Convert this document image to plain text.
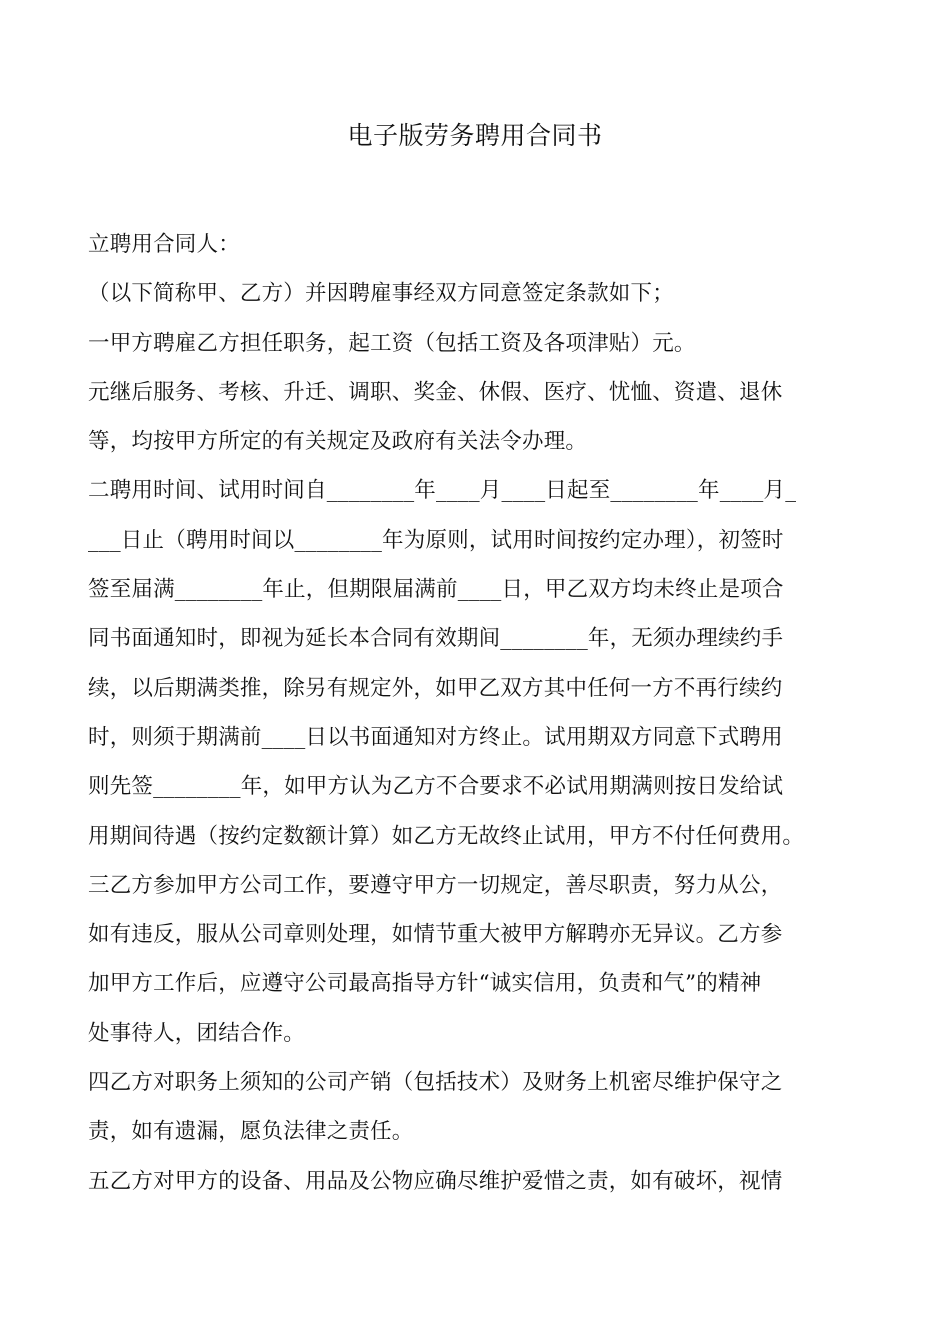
电子版劳务聘用合同书
立聘用合同人：
（以下简称甲、乙方）并因聘雇事经双方同意签定条款如下；
一甲方聘雇乙方担任职务，起工资（包括工资及各项津贴）元。
元继后服务、考核、升迁、调职、奖金、休假、医疗、忧恤、资遣、退休
等，均按甲方所定的有关规定及政府有关法令办理。
二聘用时间、试用时间自________年____月____日起至________年____月_
___日止（聘用时间以________年为原则，试用时间按约定办理），初签时
签至届满________年止，但期限届满前____日，甲乙双方均未终止是项合
同书面通知时，即视为延长本合同有效期间________年，无须办理续约手
续，以后期满类推，除另有规定外，如甲乙双方其中任何一方不再行续约
时，则须于期满前____日以书面通知对方终止。试用期双方同意下式聘用
则先签________年，如甲方认为乙方不合要求不必试用期满则按日发给试
用期间待遇（按约定数额计算）如乙方无故终止试用，甲方不付任何费用。
三乙方参加甲方公司工作，要遵守甲方一切规定，善尽职责，努力从公，
如有违反，服从公司章则处理，如情节重大被甲方解聘亦无异议。乙方参
加甲方工作后，应遵守公司最高指导方针“诚实信用，负责和气”的精神
处事待人，团结合作。
四乙方对职务上须知的公司产销（包括技术）及财务上机密尽维护保守之
责，如有遗漏，愿负法律之责任。
五乙方对甲方的设备、用品及公物应确尽维护爱惜之责，如有破坏，视情
